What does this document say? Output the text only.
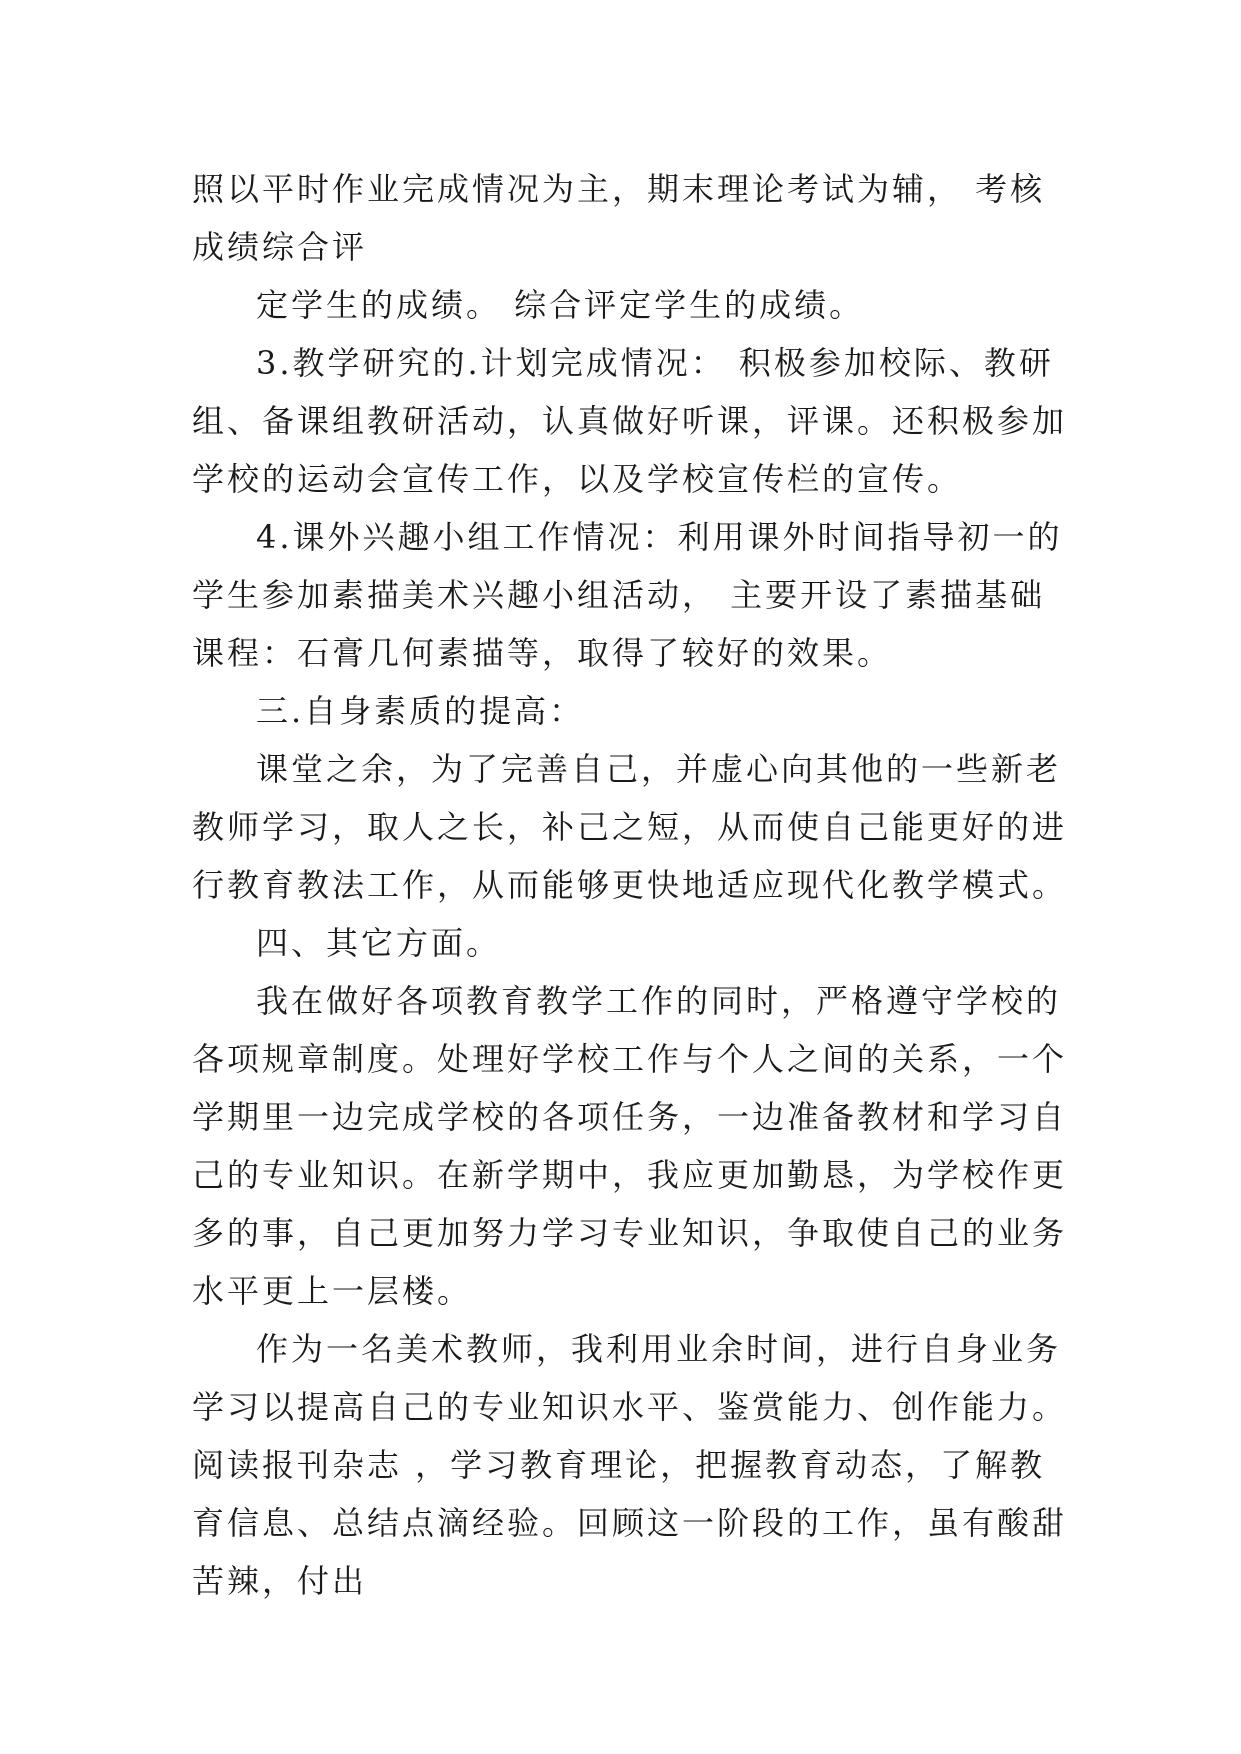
照以平时作业完成情况为主，期末理论考试为辅， 考核成绩综合评

定学生的成绩。 综合评定学生的成绩。

3.教学研究的.计划完成情况： 积极参加校际、教研组、备课组教研活动，认真做好听课，评课。还积极参加学校的运动会宣传工作，以及学校宣传栏的宣传。

4.课外兴趣小组工作情况：利用课外时间指导初一的学生参加素描美术兴趣小组活动， 主要开设了素描基础课程：石膏几何素描等，取得了较好的效果。

三.自身素质的提高：

课堂之余，为了完善自己，并虚心向其他的一些新老教师学习，取人之长，补己之短，从而使自己能更好的进行教育教法工作，从而能够更快地适应现代化教学模式。

四、其它方面。

我在做好各项教育教学工作的同时，严格遵守学校的各项规章制度。处理好学校工作与个人之间的关系，一个学期里一边完成学校的各项任务，一边准备教材和学习自己的专业知识。在新学期中，我应更加勤恳，为学校作更多的事，自己更加努力学习专业知识，争取使自己的业务水平更上一层楼。

作为一名美术教师，我利用业余时间，进行自身业务学习以提高自己的专业知识水平、鉴赏能力、创作能力。阅读报刊杂志 ，学习教育理论，把握教育动态，了解教育信息、总结点滴经验。回顾这一阶段的工作，虽有酸甜苦辣，付出
